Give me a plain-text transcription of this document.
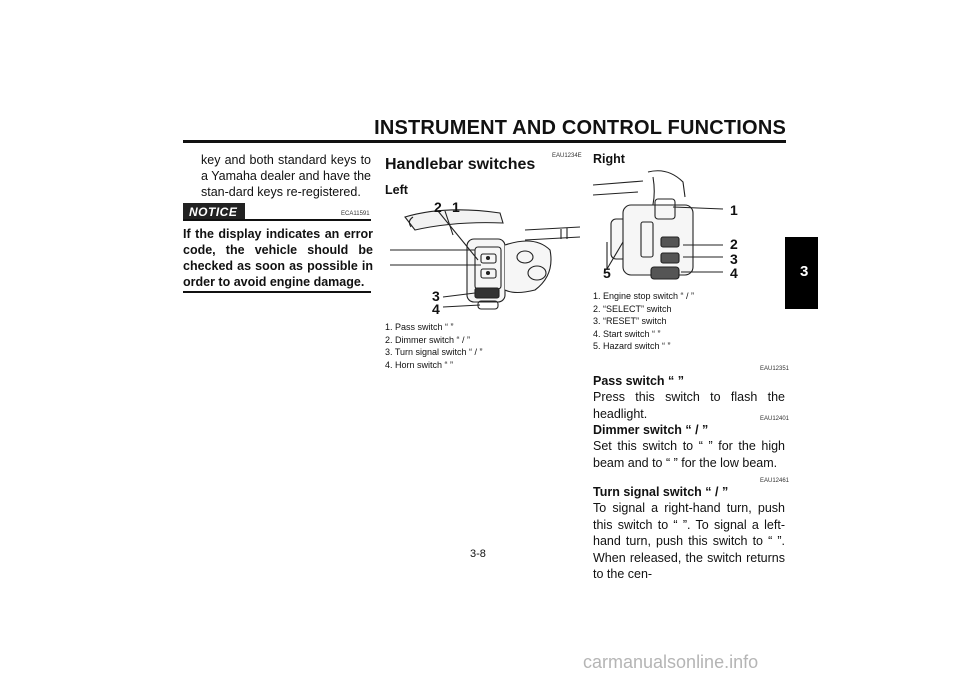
INSTRUMENT AND CONTROL FUNCTIONS
3
key and both standard keys to a Yamaha dealer and have the stan-dard keys re-registered.
NOTICE	ECA11591
If the display indicates an error code, the vehicle should be checked as soon as possible in order to avoid engine damage.
EAU1234E
Handlebar switches
Left
2 1
3
4
1. Pass switch “ ”
2. Dimmer switch “ / ”
3. Turn signal switch “ / ”
4. Horn switch “ ”
Right
1
2
3
4
5
1. Engine stop switch “ / ”
2. “SELECT” switch
3. “RESET” switch
4. Start switch “ ”
5. Hazard switch “ ”
EAU12351
Pass switch “ ”
Press this switch to flash the headlight.	EAU12401
Dimmer switch “ / ”
Set this switch to “ ” for the high beam and to “ ” for the low beam.
EAU12461
Turn signal switch “ / ”
To signal a right-hand turn, push this switch to “ ”. To signal a left-hand turn, push this switch to “ ”. When released, the switch returns to the cen-
3-8
carmanualsonline.info
